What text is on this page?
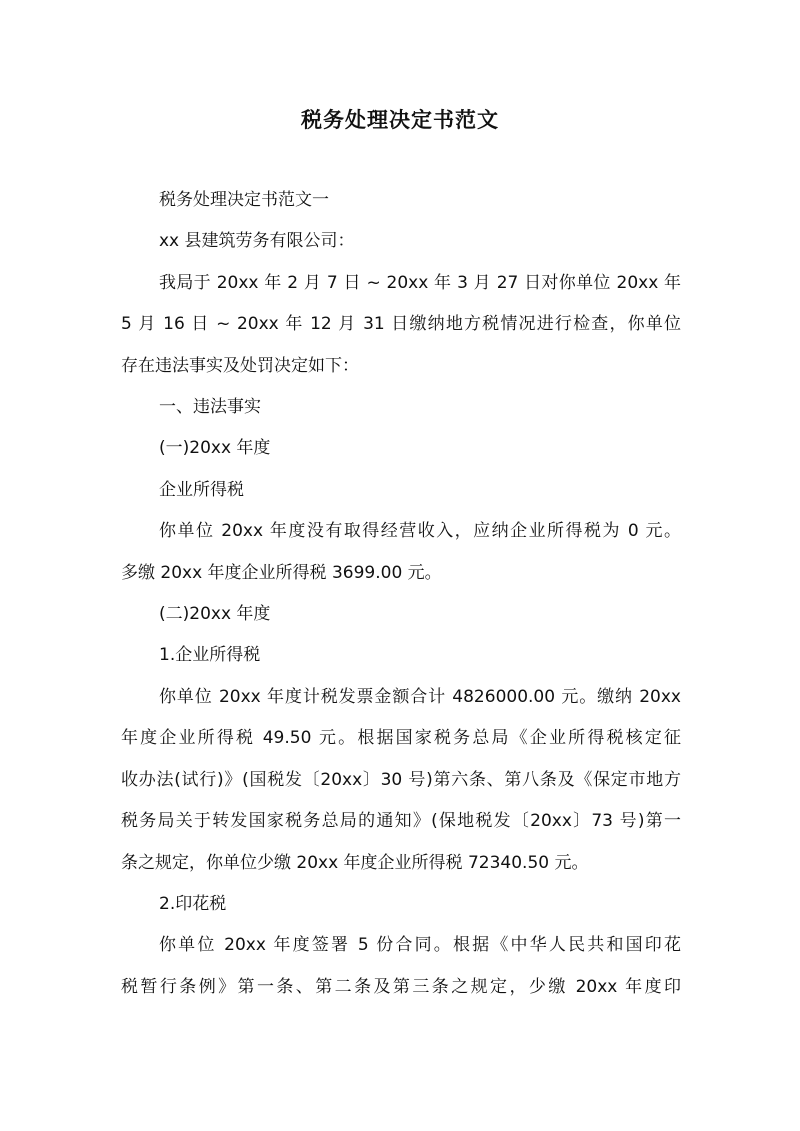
税务处理决定书范文

税务处理决定书范文一

xx 县建筑劳务有限公司：

我局于 20xx 年 2 月 7 日 ~ 20xx 年 3 月 27 日对你单位 20xx 年

5 月 16 日 ~ 20xx 年 12 月 31 日缴纳地方税情况进行检查，你单位

存在违法事实及处罚决定如下：

一、违法事实

(一)20xx 年度

企业所得税

你单位 20xx 年度没有取得经营收入，应纳企业所得税为 0 元。

多缴 20xx 年度企业所得税 3699.00 元。

(二)20xx 年度

1.企业所得税

你单位 20xx 年度计税发票金额合计 4826000.00 元。缴纳 20xx

年度企业所得税 49.50 元。根据国家税务总局《企业所得税核定征

收办法(试行)》(国税发〔20xx〕30 号)第六条、第八条及《保定市地方

税务局关于转发国家税务总局的通知》(保地税发〔20xx〕73 号)第一

条之规定，你单位少缴 20xx 年度企业所得税 72340.50 元。

2.印花税

你单位 20xx 年度签署 5 份合同。根据《中华人民共和国印花

税暂行条例》第一条、第二条及第三条之规定，少缴 20xx 年度印
